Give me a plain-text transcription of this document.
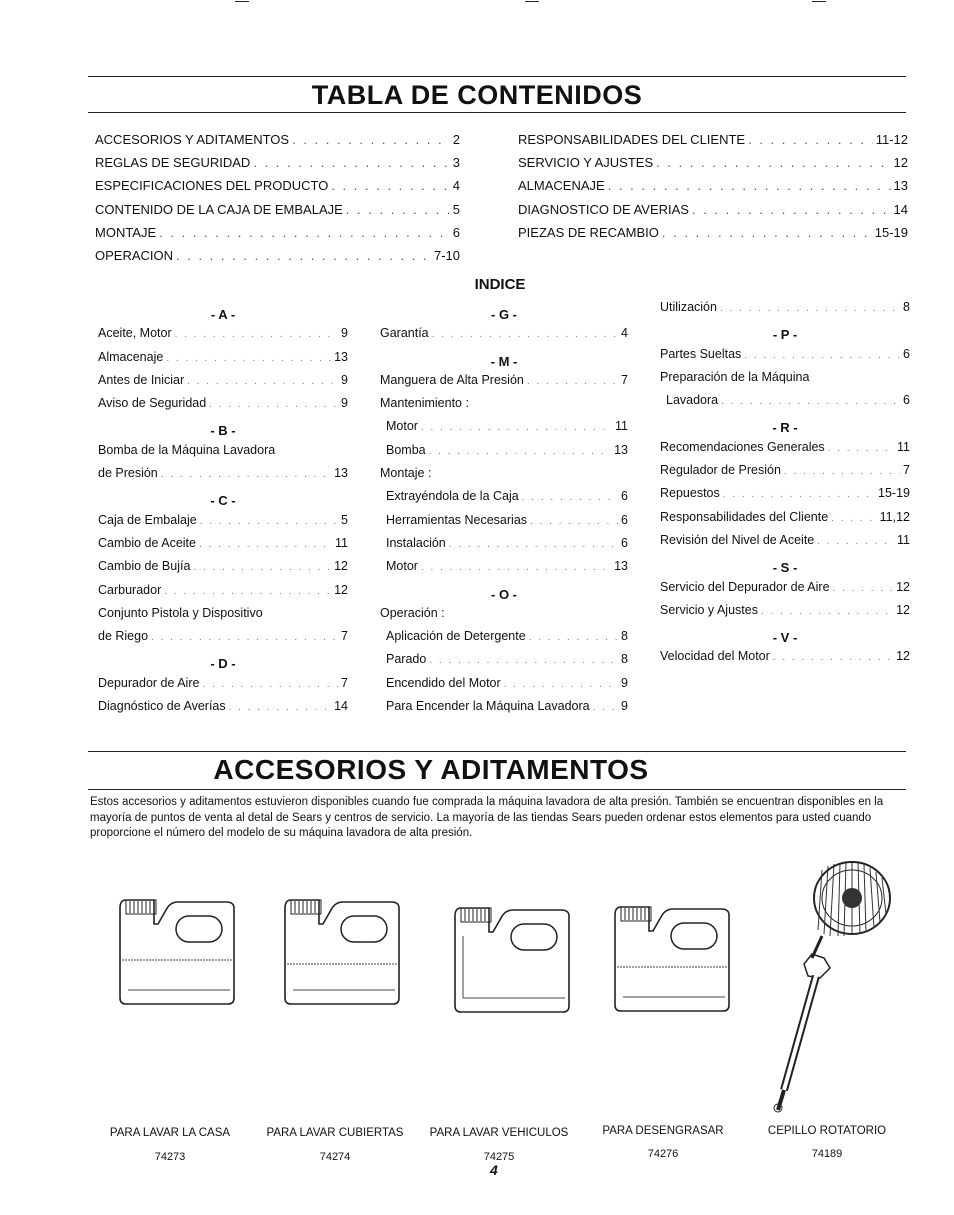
—	—	—
TABLA DE CONTENIDOS
ACCESORIOS Y ADITAMENTOS . . .	2
REGLAS DE SEGURIDAD . . .	3
ESPECIFICACIONES DEL PRODUCTO . . .	4
CONTENIDO DE LA CAJA DE EMBALAJE . . .	5
MONTAJE . . .	6
OPERACION . . .	7-10
RESPONSABILIDADES DEL CLIENTE . . .	11-12
SERVICIO Y AJUSTES . . .	12
ALMACENAJE . . .	13
DIAGNOSTICO DE AVERIAS . . .	14
PIEZAS DE RECAMBIO . . .	15-19
INDICE
- A -
Aceite, Motor . . .	9
Almacenaje . . .	13
Antes de Iniciar . . .	9
Aviso de Seguridad . . .	9
- B -
Bomba de la Máquina Lavadora
de Presión . . .	13
- C -
Caja de Embalaje . . .	5
Cambio de Aceite . . .	11
Cambio de Bujía . . .	12
Carburador . . .	12
Conjunto Pistola y Dispositivo
de Riego . . .	7
- D -
Depurador de Aire . . .	7
Diagnóstico de Averías . . .	14
- G -
Garantía . . .	4
- M -
Manguera de Alta Presión . . .	7
Mantenimiento :
Motor . . .	11
Bomba . . .	13
Montaje :
Extrayéndola de la Caja . . .	6
Herramientas Necesarias . . .	6
Instalación . . .	6
Motor . . .	13
- O -
Operación :
Aplicación de Detergente . . .	8
Parado . . .	8
Encendido del Motor . . .	9
Para Encender la Máquina Lavadora . . .	9
Utilización . . .	8
- P -
Partes Sueltas . . .	6
Preparación de la Máquina
Lavadora . . .	6
- R -
Recomendaciones Generales . . .	11
Regulador de Presión . . .	7
Repuestos . . .	15-19
Responsabilidades del Cliente . . .	11,12
Revisión del Nivel de Aceite . . .	11
- S -
Servicio del Depurador de Aire . . .	12
Servicio y Ajustes . . .	12
- V -
Velocidad del Motor . . .	12
ACCESORIOS Y ADITAMENTOS
Estos accesorios y aditamentos estuvieron disponibles cuando fue comprada la máquina lavadora de alta presión. También se encuentran disponibles en la mayoría de puntos de venta al detal de Sears y centros de servicio. La mayoría de las tiendas Sears pueden ordenar estos elementos para usted cuando proporcione el número del modelo de su máquina lavadora de alta presión.
PARA LAVAR LA CASA	PARA LAVAR CUBIERTAS	PARA LAVAR VEHICULOS	PARA DESENGRASAR	CEPILLO ROTATORIO
74273	74274	74275	74276	74189
4
